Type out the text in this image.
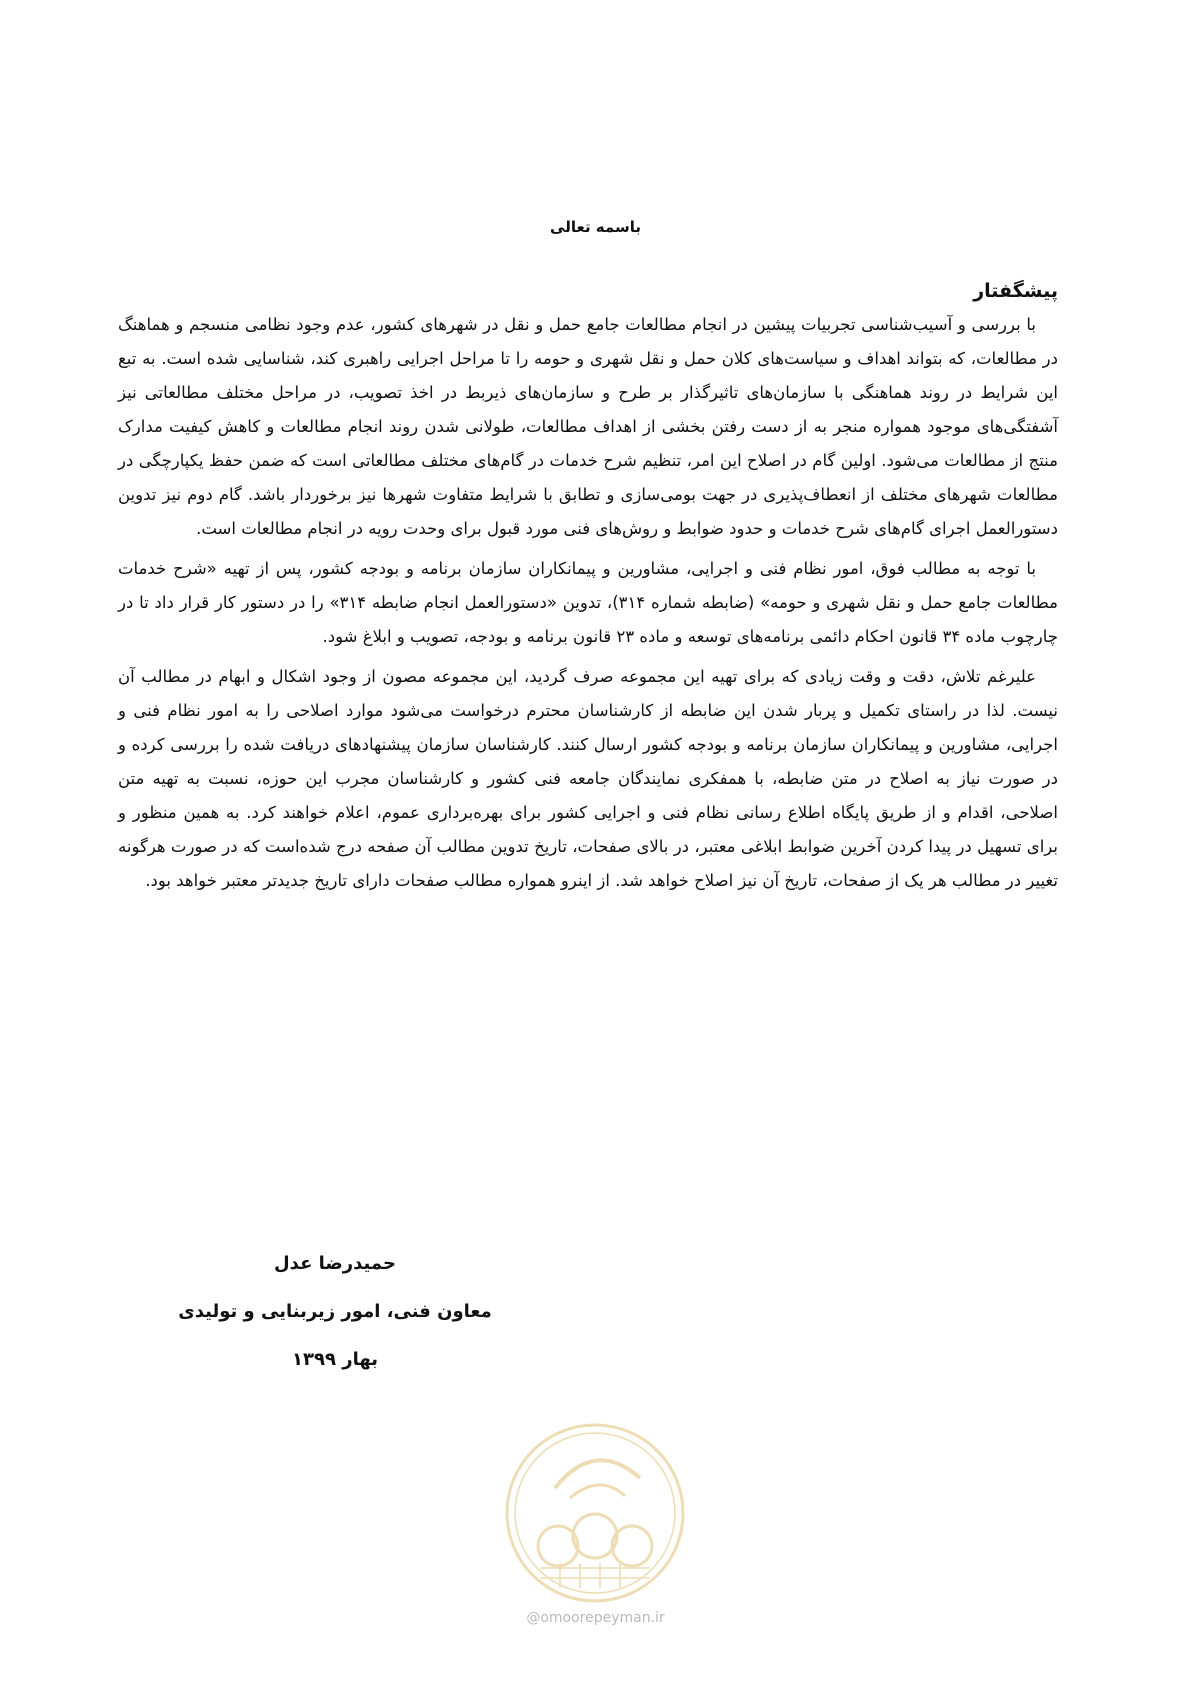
باسمه تعالی
پیشگفتار

با بررسی و آسیب‌شناسی تجربیات پیشین در انجام مطالعات جامع حمل و نقل در شهرهای کشور، عدم وجود نظامی منسجم و هماهنگ در مطالعات، که بتواند اهداف و سیاست‌های کلان حمل و نقل شهری و حومه را تا مراحل اجرایی راهبری کند، شناسایی شده است. به تبع این شرایط در روند هماهنگی با سازمان‌های تاثیرگذار بر طرح و سازمان‌های ذیربط در اخذ تصویب، در مراحل مختلف مطالعاتی نیز آشفتگی‌های موجود همواره منجر به از دست رفتن بخشی از اهداف مطالعات، طولانی شدن روند انجام مطالعات و کاهش کیفیت مدارک منتج از مطالعات می‌شود. اولین گام در اصلاح این امر، تنظیم شرح خدمات در گام‌های مختلف مطالعاتی است که ضمن حفظ یکپارچگی در مطالعات شهرهای مختلف از انعطاف‌پذیری در جهت بومی‌سازی و تطابق با شرایط متفاوت شهرها نیز برخوردار باشد. گام دوم نیز تدوین دستورالعمل اجرای گام‌های شرح خدمات و حدود ضوابط و روش‌های فنی مورد قبول برای وحدت رویه در انجام مطالعات است.

با توجه به مطالب فوق، امور نظام فنی و اجرایی، مشاورین و پیمانکاران سازمان برنامه و بودجه کشور، پس از تهیه «شرح خدمات مطالعات جامع حمل و نقل شهری و حومه» (ضابطه شماره ۳۱۴)، تدوین «دستورالعمل انجام ضابطه ۳۱۴» را در دستور کار قرار داد تا در چارچوب ماده ۳۴ قانون احکام دائمی برنامه‌های توسعه و ماده ۲۳ قانون برنامه و بودجه، تصویب و ابلاغ شود.

علیرغم تلاش، دقت و وقت زیادی که برای تهیه این مجموعه صرف گردید، این مجموعه مصون از وجود اشکال و ابهام در مطالب آن نیست. لذا در راستای تکمیل و پربار شدن این ضابطه از کارشناسان محترم درخواست می‌شود موارد اصلاحی را به امور نظام فنی و اجرایی، مشاورین و پیمانکاران سازمان برنامه و بودجه کشور ارسال کنند. کارشناسان سازمان پیشنهادهای دریافت شده را بررسی کرده و در صورت نیاز به اصلاح در متن ضابطه، با همفکری نمایندگان جامعه فنی کشور و کارشناسان مجرب این حوزه، نسبت به تهیه متن اصلاحی، اقدام و از طریق پایگاه اطلاع رسانی نظام فنی و اجرایی کشور برای بهره‌برداری عموم، اعلام خواهند کرد. به همین منظور و برای تسهیل در پیدا کردن آخرین ضوابط ابلاغی معتبر، در بالای صفحات، تاریخ تدوین مطالب آن صفحه درج شده‌است که در صورت هرگونه تغییر در مطالب هر یک از صفحات، تاریخ آن نیز اصلاح خواهد شد. از اینرو همواره مطالب صفحات دارای تاریخ جدیدتر معتبر خواهد بود.

حمیدرضا عدل
معاون فنی، امور زیربنایی و تولیدی
بهار ۱۳۹۹
@omoorepeyman.ir
